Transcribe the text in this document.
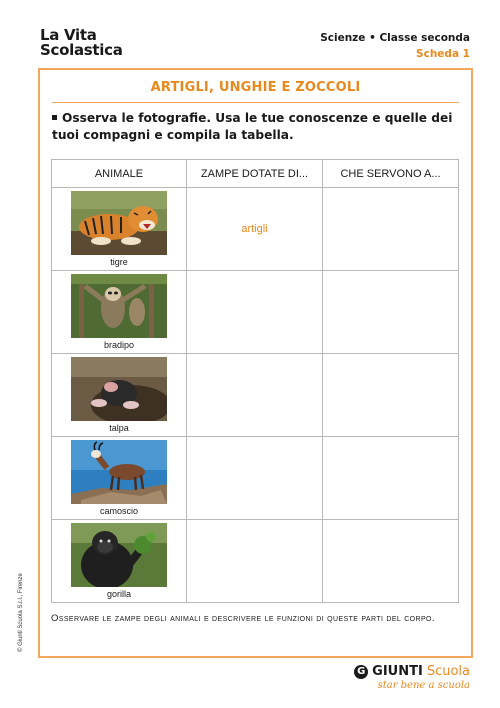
La Vita
Scolastica
Scienze • Classe seconda
Scheda 1
ARTIGLI, UNGHIE E ZOCCOLI
Osserva le fotografie. Usa le tue conoscenze e quelle dei tuoi compagni e compila la tabella.
ANIMALE	ZAMPE DOTATE DI...	CHE SERVONO A...

tigre	artigli	

bradipo		

talpa		

camoscio		

gorilla		

Osservare le zampe degli animali e descrivere le funzioni di queste parti del corpo.
© Giunti Scuola S.r.l., Firenze
G GIUNTI Scuola
star bene a scuola
